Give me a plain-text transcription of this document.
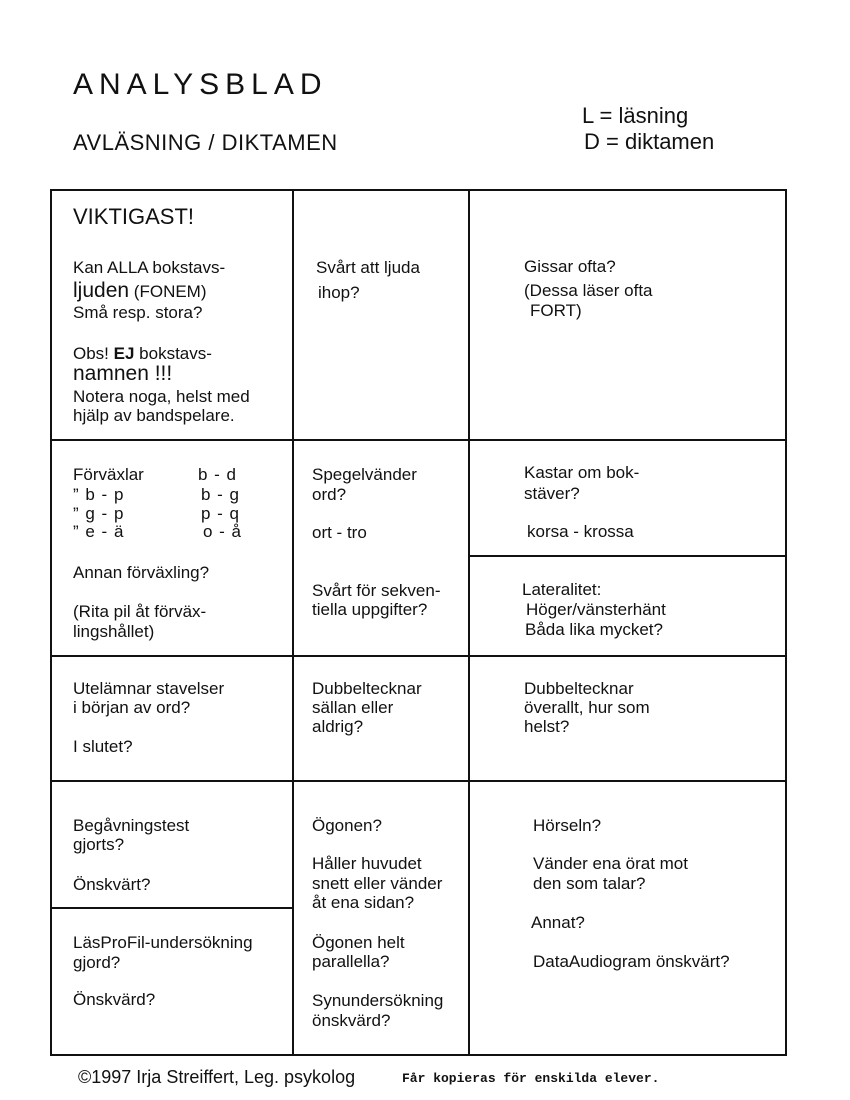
ANALYSBLAD
AVLÄSNING / DIKTAMEN
L = läsning
D = diktamen
VIKTIGAST!
Kan ALLA bokstavs-
ljuden (FONEM)
Små resp. stora?
Obs! EJ bokstavs-
namnen !!!
Notera noga, helst med
hjälp av bandspelare.
Svårt att ljuda
ihop?
Gissar ofta?
(Dessa läser ofta
FORT)
Förväxlar	b - d
” b - p	b - g
” g - p	p - q
” e - ä	o - å
Annan förväxling?
(Rita pil åt förväx-
lingshållet)
Spegelvänder
ord?
ort - tro
Svårt för sekven-
tiella uppgifter?
Kastar om bok-
stäver?
korsa - krossa
Lateralitet:
Höger/vänsterhänt
Båda lika mycket?
Utelämnar stavelser
i början av ord?
I slutet?
Dubbeltecknar
sällan eller
aldrig?
Dubbeltecknar
överallt, hur som
helst?
Begåvningstest
gjorts?
Önskvärt?
LäsProFil-undersökning
gjord?
Önskvärd?
Ögonen?
Håller huvudet
snett eller vänder
åt ena sidan?
Ögonen helt
parallella?
Synundersökning
önskvärd?
Hörseln?
Vänder ena örat mot
den som talar?
Annat?
DataAudiogram önskvärt?
©1997 Irja Streiffert, Leg. psykolog	Får kopieras för enskilda elever.
